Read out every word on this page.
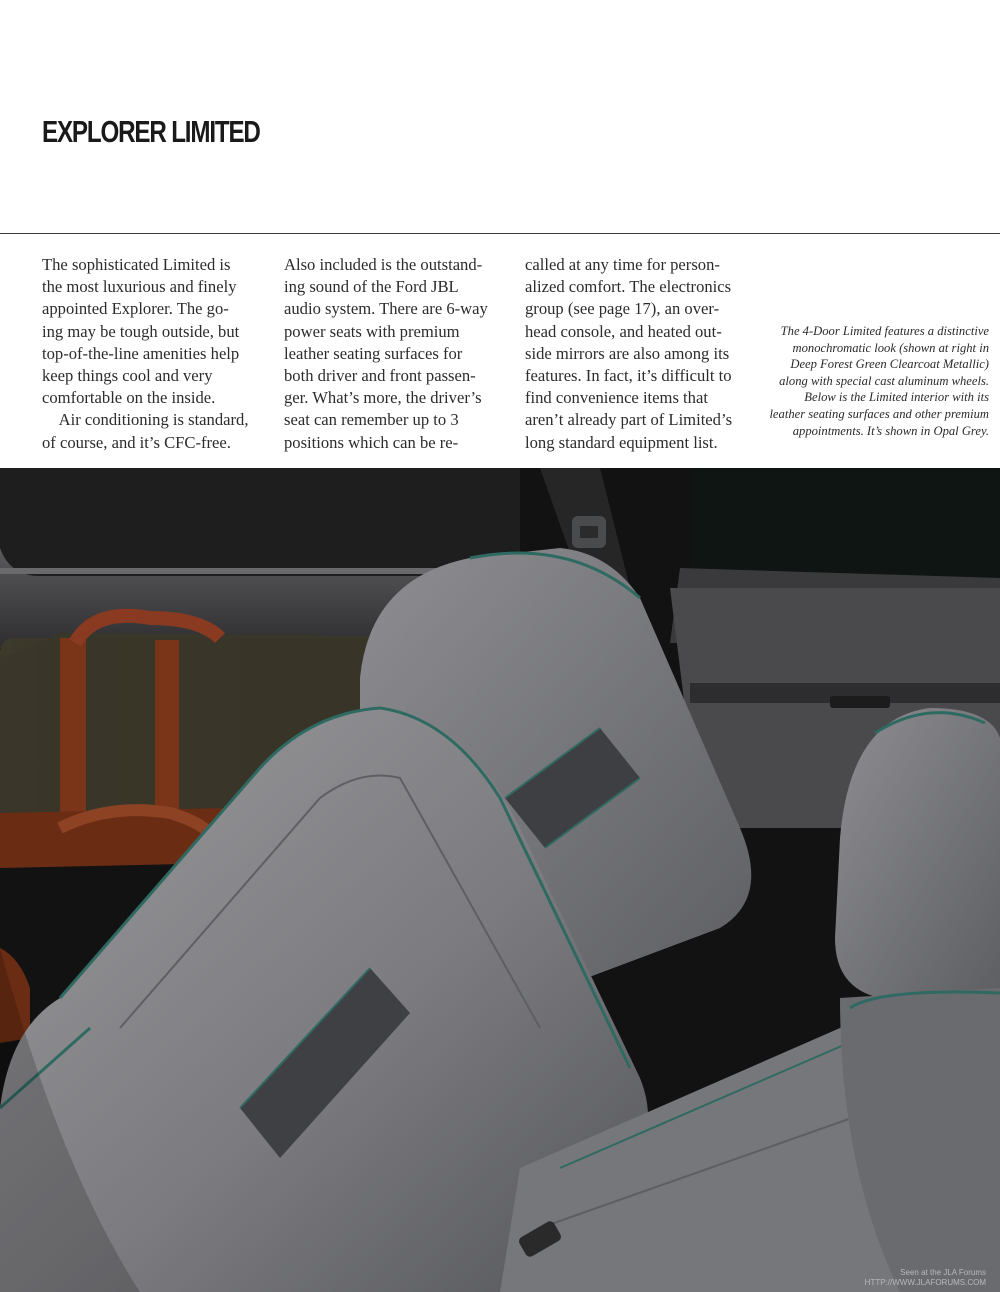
EXPLORER LIMITED
The sophisticated Limited is
the most luxurious and finely
appointed Explorer. The go-
ing may be tough outside, but
top-of-the-line amenities help
keep things cool and very
comfortable on the inside.
 Air conditioning is standard,
of course, and it’s CFC-free.
Also included is the outstand-
ing sound of the Ford JBL
audio system. There are 6-way
power seats with premium
leather seating surfaces for
both driver and front passen-
ger. What’s more, the driver’s
seat can remember up to 3
positions which can be re-
called at any time for person-
alized comfort. The electronics
group (see page 17), an over-
head console, and heated out-
side mirrors are also among its
features. In fact, it’s difficult to
find convenience items that
aren’t already part of Limited’s
long standard equipment list.
The 4-Door Limited features a distinctive
monochromatic look (shown at right in
Deep Forest Green Clearcoat Metallic)
along with special cast aluminum wheels.
Below is the Limited interior with its
leather seating surfaces and other premium
appointments. It’s shown in Opal Grey.
Seen at the JLA Forums
HTTP://WWW.JLAFORUMS.COM
